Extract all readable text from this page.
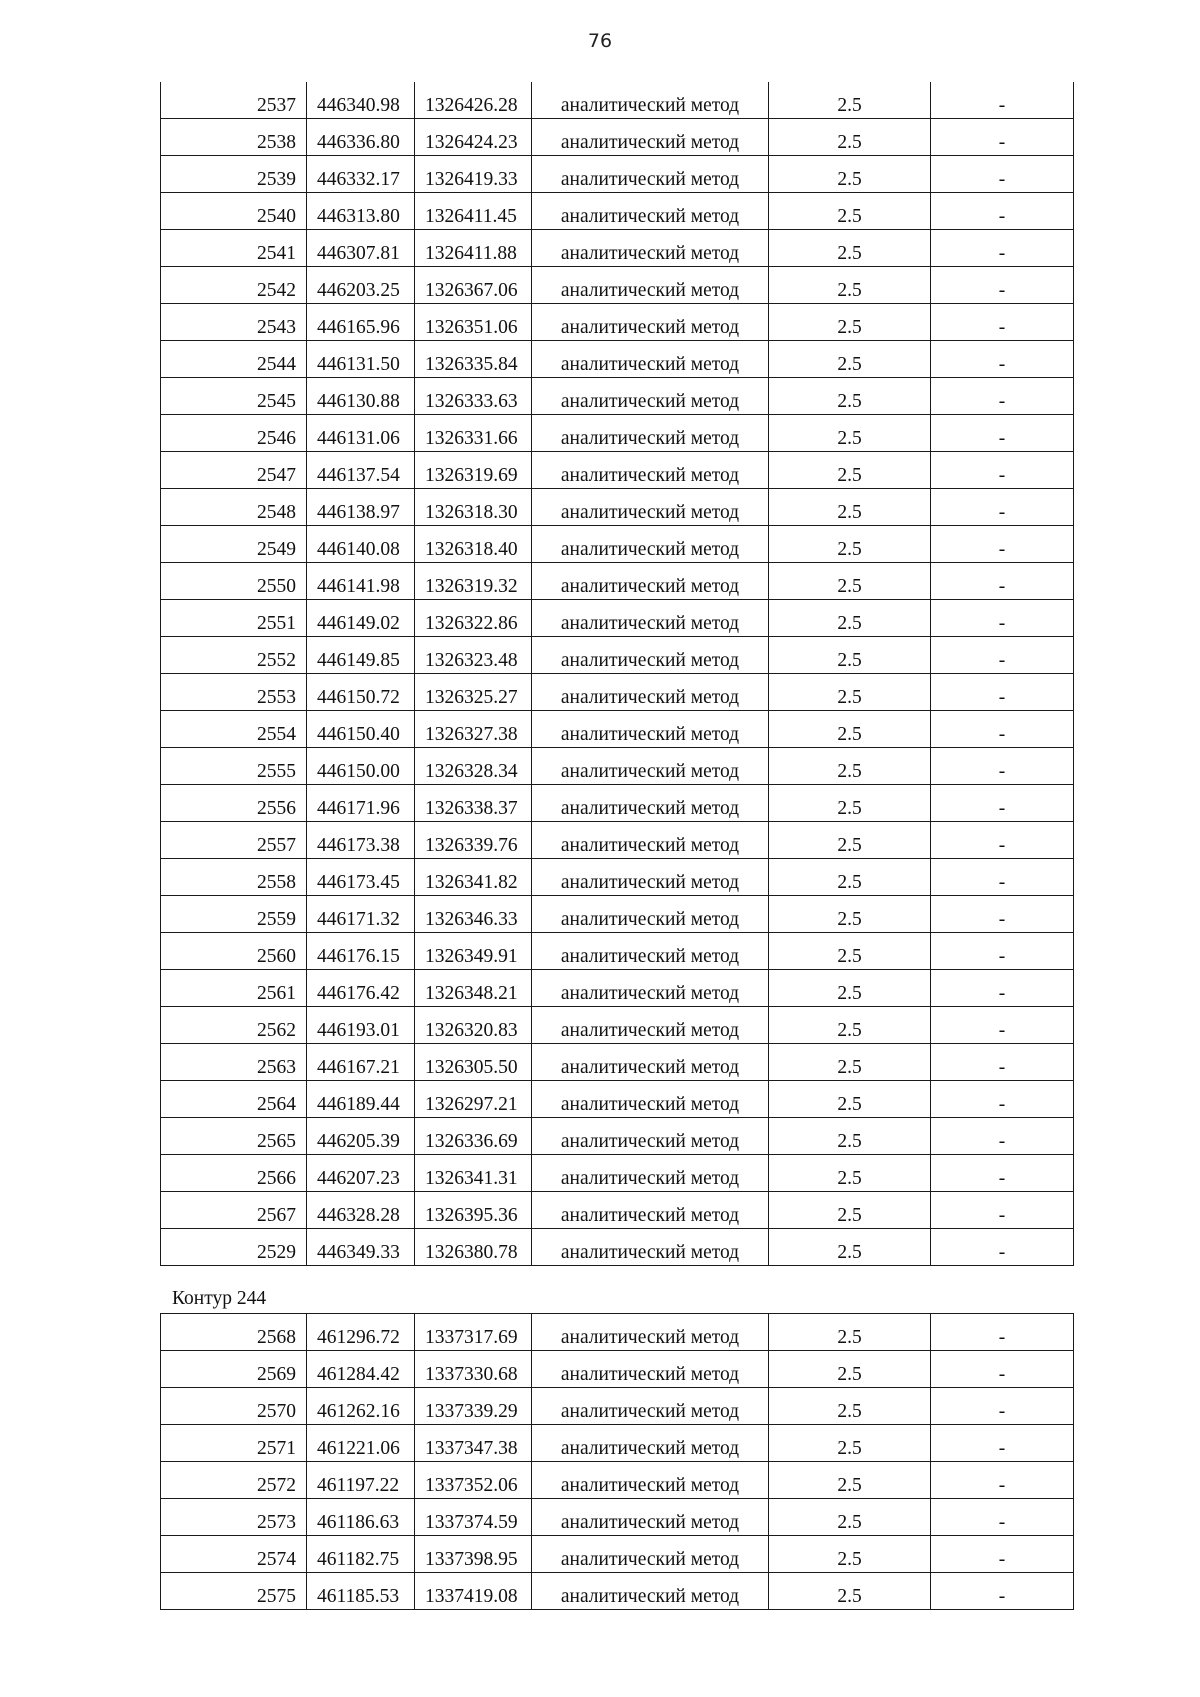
76
2537	446340.98	1326426.28	аналитический метод	2.5	-
2538	446336.80	1326424.23	аналитический метод	2.5	-
2539	446332.17	1326419.33	аналитический метод	2.5	-
2540	446313.80	1326411.45	аналитический метод	2.5	-
2541	446307.81	1326411.88	аналитический метод	2.5	-
2542	446203.25	1326367.06	аналитический метод	2.5	-
2543	446165.96	1326351.06	аналитический метод	2.5	-
2544	446131.50	1326335.84	аналитический метод	2.5	-
2545	446130.88	1326333.63	аналитический метод	2.5	-
2546	446131.06	1326331.66	аналитический метод	2.5	-
2547	446137.54	1326319.69	аналитический метод	2.5	-
2548	446138.97	1326318.30	аналитический метод	2.5	-
2549	446140.08	1326318.40	аналитический метод	2.5	-
2550	446141.98	1326319.32	аналитический метод	2.5	-
2551	446149.02	1326322.86	аналитический метод	2.5	-
2552	446149.85	1326323.48	аналитический метод	2.5	-
2553	446150.72	1326325.27	аналитический метод	2.5	-
2554	446150.40	1326327.38	аналитический метод	2.5	-
2555	446150.00	1326328.34	аналитический метод	2.5	-
2556	446171.96	1326338.37	аналитический метод	2.5	-
2557	446173.38	1326339.76	аналитический метод	2.5	-
2558	446173.45	1326341.82	аналитический метод	2.5	-
2559	446171.32	1326346.33	аналитический метод	2.5	-
2560	446176.15	1326349.91	аналитический метод	2.5	-
2561	446176.42	1326348.21	аналитический метод	2.5	-
2562	446193.01	1326320.83	аналитический метод	2.5	-
2563	446167.21	1326305.50	аналитический метод	2.5	-
2564	446189.44	1326297.21	аналитический метод	2.5	-
2565	446205.39	1326336.69	аналитический метод	2.5	-
2566	446207.23	1326341.31	аналитический метод	2.5	-
2567	446328.28	1326395.36	аналитический метод	2.5	-
2529	446349.33	1326380.78	аналитический метод	2.5	-
Контур 244
2568	461296.72	1337317.69	аналитический метод	2.5	-
2569	461284.42	1337330.68	аналитический метод	2.5	-
2570	461262.16	1337339.29	аналитический метод	2.5	-
2571	461221.06	1337347.38	аналитический метод	2.5	-
2572	461197.22	1337352.06	аналитический метод	2.5	-
2573	461186.63	1337374.59	аналитический метод	2.5	-
2574	461182.75	1337398.95	аналитический метод	2.5	-
2575	461185.53	1337419.08	аналитический метод	2.5	-
